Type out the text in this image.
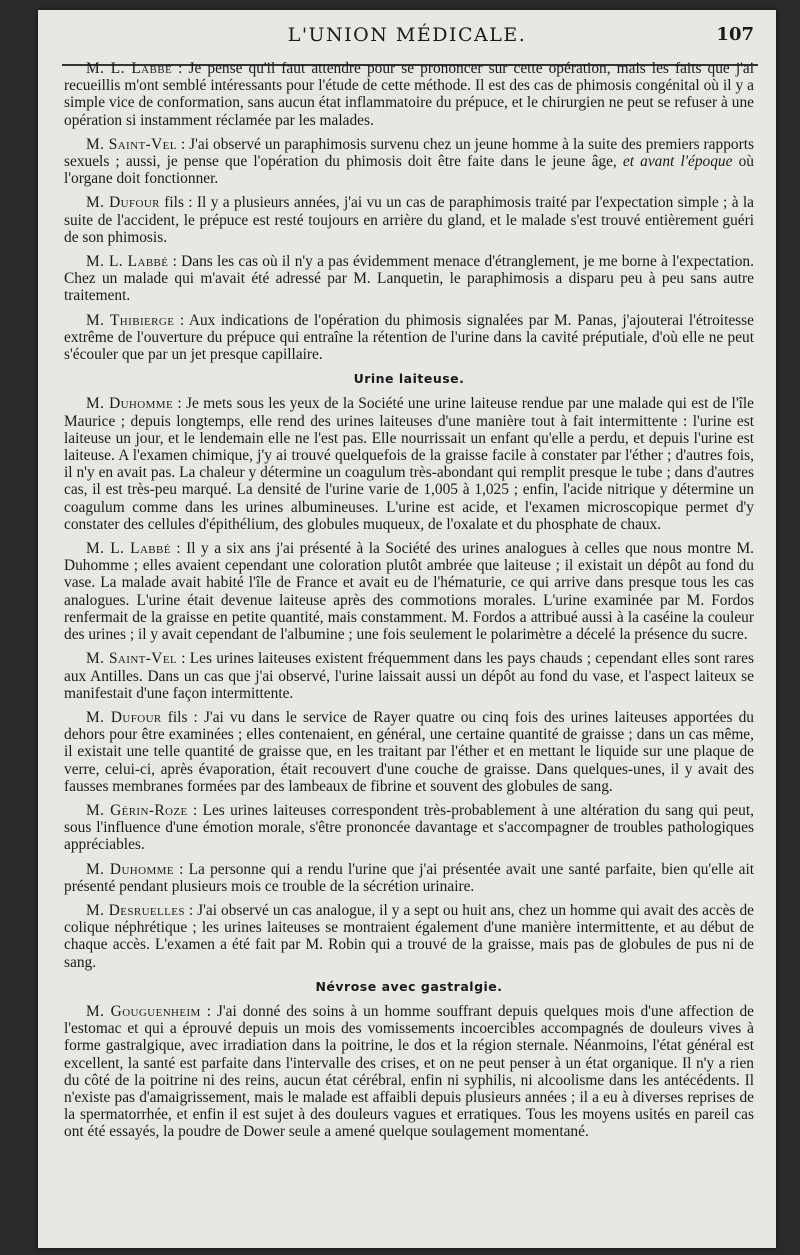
L'UNION MÉDICALE.	107

M. L. Labbé : Je pense qu'il faut attendre pour se prononcer sur cette opération, mais les faits que j'ai recueillis m'ont semblé intéressants pour l'étude de cette méthode. Il est des cas de phimosis congénital où il y a simple vice de conformation, sans aucun état inflammatoire du prépuce, et le chirurgien ne peut se refuser à une opération si instamment réclamée par les malades.

M. Saint-Vel : J'ai observé un paraphimosis survenu chez un jeune homme à la suite des premiers rapports sexuels ; aussi, je pense que l'opération du phimosis doit être faite dans le jeune âge, et avant l'époque où l'organe doit fonctionner.

M. Dufour fils : Il y a plusieurs années, j'ai vu un cas de paraphimosis traité par l'expectation simple ; à la suite de l'accident, le prépuce est resté toujours en arrière du gland, et le malade s'est trouvé entièrement guéri de son phimosis.

M. L. Labbé : Dans les cas où il n'y a pas évidemment menace d'étranglement, je me borne à l'expectation. Chez un malade qui m'avait été adressé par M. Lanquetin, le paraphimosis a disparu peu à peu sans autre traitement.

M. Thibierge : Aux indications de l'opération du phimosis signalées par M. Panas, j'ajouterai l'étroitesse extrême de l'ouverture du prépuce qui entraîne la rétention de l'urine dans la cavité préputiale, d'où elle ne peut s'écouler que par un jet presque capillaire.

Urine laiteuse.

M. Duhomme : Je mets sous les yeux de la Société une urine laiteuse rendue par une malade qui est de l'île Maurice ; depuis longtemps, elle rend des urines laiteuses d'une manière tout à fait intermittente : l'urine est laiteuse un jour, et le lendemain elle ne l'est pas. Elle nourrissait un enfant qu'elle a perdu, et depuis l'urine est laiteuse. A l'examen chimique, j'y ai trouvé quelquefois de la graisse facile à constater par l'éther ; d'autres fois, il n'y en avait pas. La chaleur y détermine un coagulum très-abondant qui remplit presque le tube ; dans d'autres cas, il est très-peu marqué. La densité de l'urine varie de 1,005 à 1,025 ; enfin, l'acide nitrique y détermine un coagulum comme dans les urines albumineuses. L'urine est acide, et l'examen microscopique permet d'y constater des cellules d'épithélium, des globules muqueux, de l'oxalate et du phosphate de chaux.

M. L. Labbé : Il y a six ans j'ai présenté à la Société des urines analogues à celles que nous montre M. Duhomme ; elles avaient cependant une coloration plutôt ambrée que laiteuse ; il existait un dépôt au fond du vase. La malade avait habité l'île de France et avait eu de l'hématurie, ce qui arrive dans presque tous les cas analogues. L'urine était devenue laiteuse après des commotions morales. L'urine examinée par M. Fordos renfermait de la graisse en petite quantité, mais constamment. M. Fordos a attribué aussi à la caséine la couleur des urines ; il y avait cependant de l'albumine ; une fois seulement le polarimètre a décelé la présence du sucre.

M. Saint-Vel : Les urines laiteuses existent fréquemment dans les pays chauds ; cependant elles sont rares aux Antilles. Dans un cas que j'ai observé, l'urine laissait aussi un dépôt au fond du vase, et l'aspect laiteux se manifestait d'une façon intermittente.

M. Dufour fils : J'ai vu dans le service de Rayer quatre ou cinq fois des urines laiteuses apportées du dehors pour être examinées ; elles contenaient, en général, une certaine quantité de graisse ; dans un cas même, il existait une telle quantité de graisse que, en les traitant par l'éther et en mettant le liquide sur une plaque de verre, celui-ci, après évaporation, était recouvert d'une couche de graisse. Dans quelques-unes, il y avait des fausses membranes formées par des lambeaux de fibrine et souvent des globules de sang.

M. Gérin-Roze : Les urines laiteuses correspondent très-probablement à une altération du sang qui peut, sous l'influence d'une émotion morale, s'être prononcée davantage et s'accompagner de troubles pathologiques appréciables.

M. Duhomme : La personne qui a rendu l'urine que j'ai présentée avait une santé parfaite, bien qu'elle ait présenté pendant plusieurs mois ce trouble de la sécrétion urinaire.

M. Desruelles : J'ai observé un cas analogue, il y a sept ou huit ans, chez un homme qui avait des accès de colique néphrétique ; les urines laiteuses se montraient également d'une manière intermittente, et au début de chaque accès. L'examen a été fait par M. Robin qui a trouvé de la graisse, mais pas de globules de pus ni de sang.

Névrose avec gastralgie.

M. Gouguenheim : J'ai donné des soins à un homme souffrant depuis quelques mois d'une affection de l'estomac et qui a éprouvé depuis un mois des vomissements incoercibles accompagnés de douleurs vives à forme gastralgique, avec irradiation dans la poitrine, le dos et la région sternale. Néanmoins, l'état général est excellent, la santé est parfaite dans l'intervalle des crises, et on ne peut penser à un état organique. Il n'y a rien du côté de la poitrine ni des reins, aucun état cérébral, enfin ni syphilis, ni alcoolisme dans les antécédents. Il n'existe pas d'amaigrissement, mais le malade est affaibli depuis plusieurs années ; il a eu à diverses reprises de la spermatorrhée, et enfin il est sujet à des douleurs vagues et erratiques. Tous les moyens usités en pareil cas ont été essayés, la poudre de Dower seule a amené quelque soulagement momentané.
